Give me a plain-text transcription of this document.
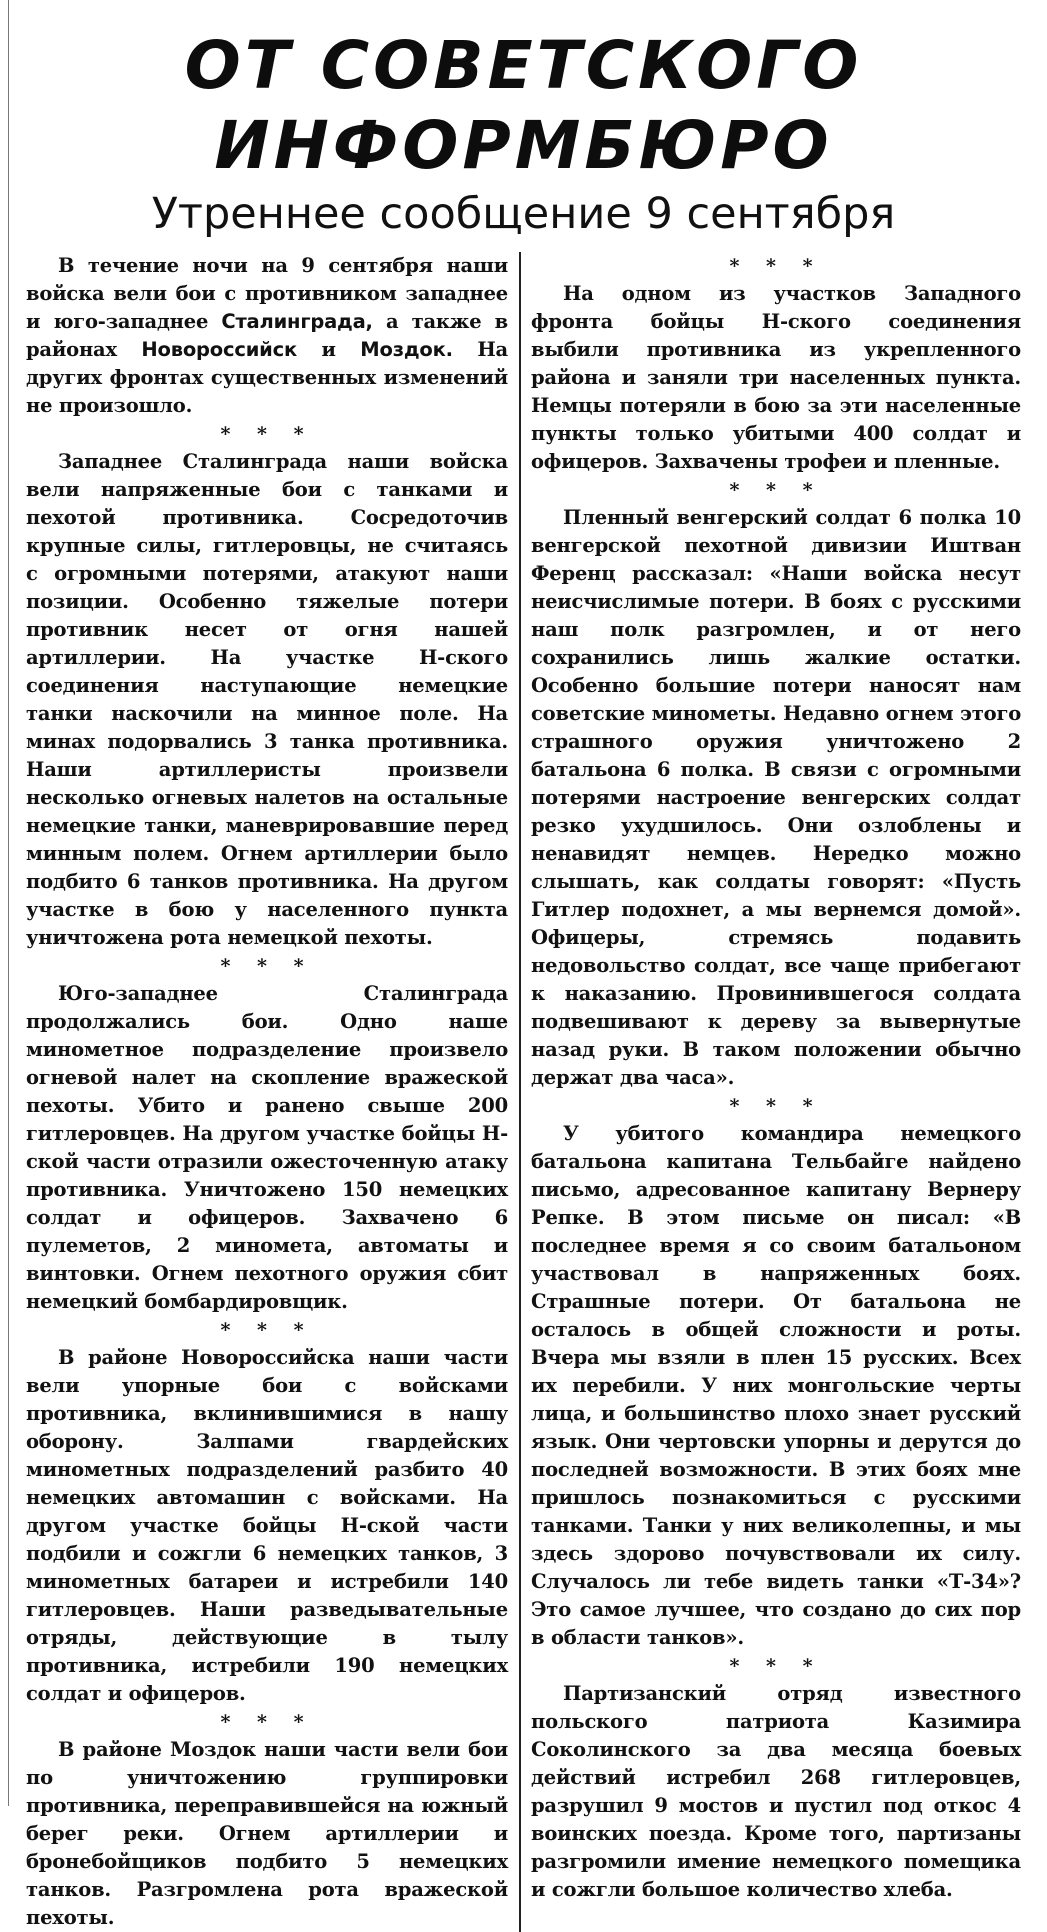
ОТ СОВЕТСКОГО ИНФОРМБЮРО
Утреннее сообщение 9 сентября

В течение ночи на 9 сентября наши войска вели бои с противником западнее и юго-западнее Сталинграда, а также в районах Новороссийск и Моздок. На других фронтах существенных изменений не произошло.

* * *

Западнее Сталинграда наши войска вели напряженные бои с танками и пехотой противника. Сосредоточив крупные силы, гитлеровцы, не считаясь с огромными потерями, атакуют наши позиции. Особенно тяжелые потери противник несет от огня нашей артиллерии. На участке Н-ского соединения наступающие немецкие танки наскочили на минное поле. На минах подорвались 3 танка противника. Наши артиллеристы произвели несколько огневых налетов на остальные немецкие танки, маневрировавшие перед минным полем. Огнем артиллерии было подбито 6 танков противника. На другом участке в бою у населенного пункта уничтожена рота немецкой пехоты.

* * *

Юго-западнее Сталинграда продолжались бои. Одно наше минометное подразделение произвело огневой налет на скопление вражеской пехоты. Убито и ранено свыше 200 гитлеровцев. На другом участке бойцы Н-ской части отразили ожесточенную атаку противника. Уничтожено 150 немецких солдат и офицеров. Захвачено 6 пулеметов, 2 миномета, автоматы и винтовки. Огнем пехотного оружия сбит немецкий бомбардировщик.

* * *

В районе Новороссийска наши части вели упорные бои с войсками противника, вклинившимися в нашу оборону. Залпами гвардейских минометных подразделений разбито 40 немецких автомашин с войсками. На другом участке бойцы Н-ской части подбили и сожгли 6 немецких танков, 3 минометных батареи и истребили 140 гитлеровцев. Наши разведывательные отряды, действующие в тылу противника, истребили 190 немецких солдат и офицеров.

* * *

В районе Моздок наши части вели бои по уничтожению группировки противника, переправившейся на южный берег реки. Огнем артиллерии и бронебойщиков подбито 5 немецких танков. Разгромлена рота вражеской пехоты.

* * *

На одном из участков Западного фронта бойцы Н-ского соединения выбили противника из укрепленного района и заняли три населенных пункта. Немцы потеряли в бою за эти населенные пункты только убитыми 400 солдат и офицеров. Захвачены трофеи и пленные.

* * *

Пленный венгерский солдат 6 полка 10 венгерской пехотной дивизии Иштван Ференц рассказал: «Наши войска несут неисчислимые потери. В боях с русскими наш полк разгромлен, и от него сохранились лишь жалкие остатки. Особенно большие потери наносят нам советские минометы. Недавно огнем этого страшного оружия уничтожено 2 батальона 6 полка. В связи с огромными потерями настроение венгерских солдат резко ухудшилось. Они озлоблены и ненавидят немцев. Нередко можно слышать, как солдаты говорят: «Пусть Гитлер подохнет, а мы вернемся домой». Офицеры, стремясь подавить недовольство солдат, все чаще прибегают к наказанию. Провинившегося солдата подвешивают к дереву за вывернутые назад руки. В таком положении обычно держат два часа».

* * *

У убитого командира немецкого батальона капитана Тельбайге найдено письмо, адресованное капитану Вернеру Репке. В этом письме он писал: «В последнее время я со своим батальоном участвовал в напряженных боях. Страшные потери. От батальона не осталось в общей сложности и роты. Вчера мы взяли в плен 15 русских. Всех их перебили. У них монгольские черты лица, и большинство плохо знает русский язык. Они чертовски упорны и дерутся до последней возможности. В этих боях мне пришлось познакомиться с русскими танками. Танки у них великолепны, и мы здесь здорово почувствовали их силу. Случалось ли тебе видеть танки «Т-34»? Это самое лучшее, что создано до сих пор в области танков».

* * *

Партизанский отряд известного польского патриота Казимира Соколинского за два месяца боевых действий истребил 268 гитлеровцев, разрушил 9 мостов и пустил под откос 4 воинских поезда. Кроме того, партизаны разгромили имение немецкого помещика и сожгли большое количество хлеба.
